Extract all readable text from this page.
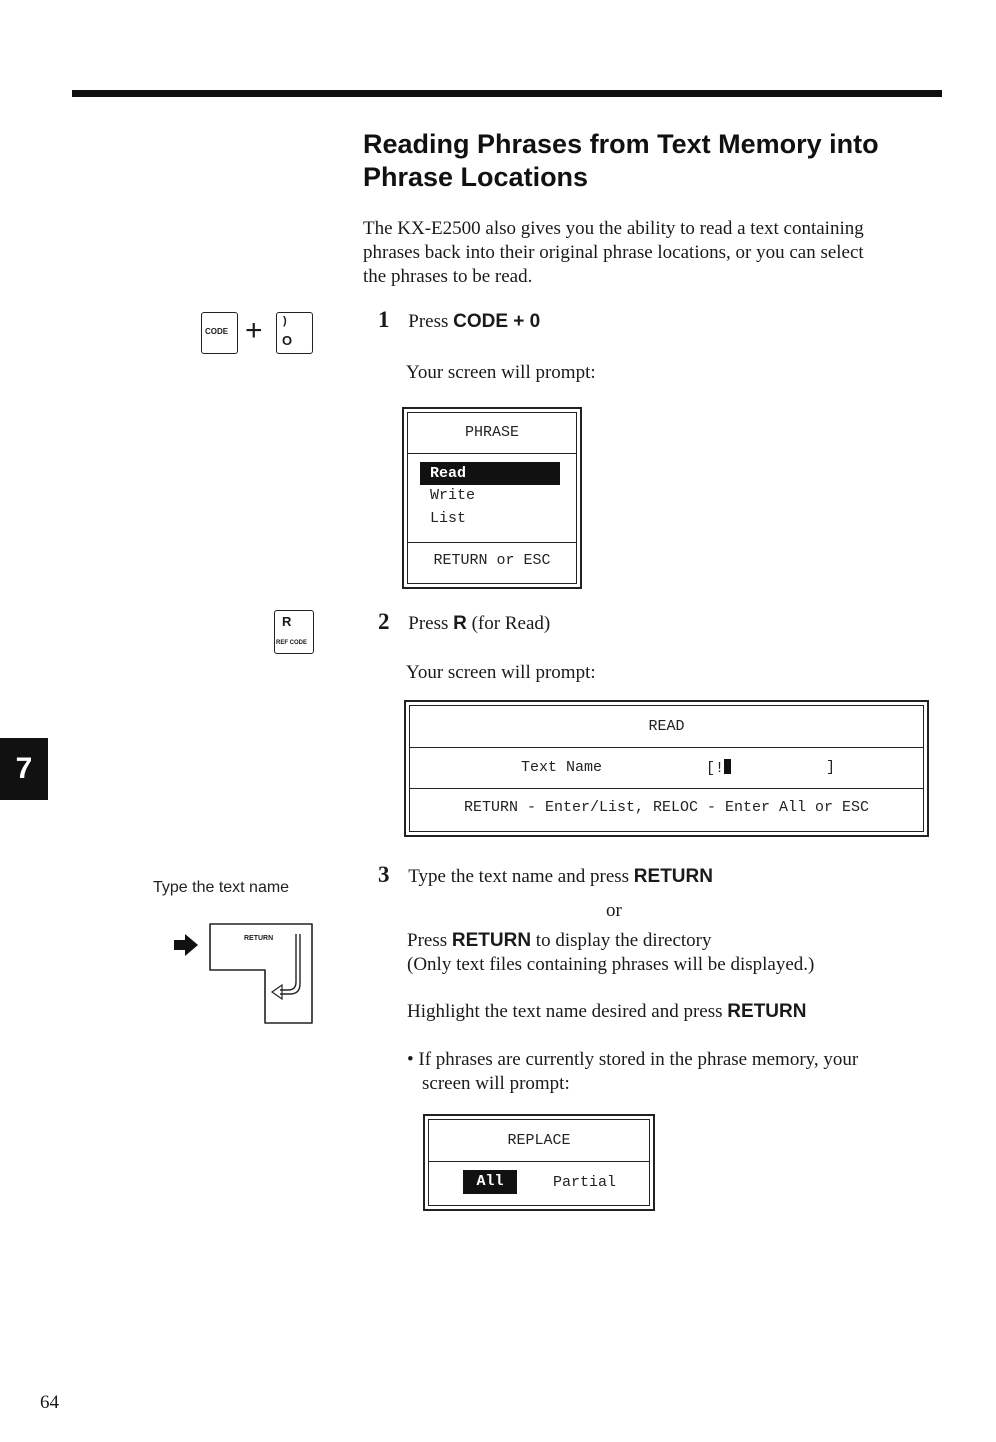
Reading Phrases from Text Memory into
Phrase Locations
The KX-E2500 also gives you the ability to read a text containing
phrases back into their original phrase locations, or you can select
the phrases to be read.
CODE + )
O
1 Press CODE + 0
Your screen will prompt:
PHRASE
Read
Write
List
RETURN or ESC
R
REF CODE
2 Press R (for Read)
Your screen will prompt:
7
READ
Text Name	[!	]
RETURN - Enter/List, RELOC - Enter All or ESC
Type the text name
RETURN
3 Type the text name and press RETURN
or
Press RETURN to display the directory
(Only text files containing phrases will be displayed.)
Highlight the text name desired and press RETURN
• If phrases are currently stored in the phrase memory, your
screen will prompt:
REPLACE
All	Partial
64
